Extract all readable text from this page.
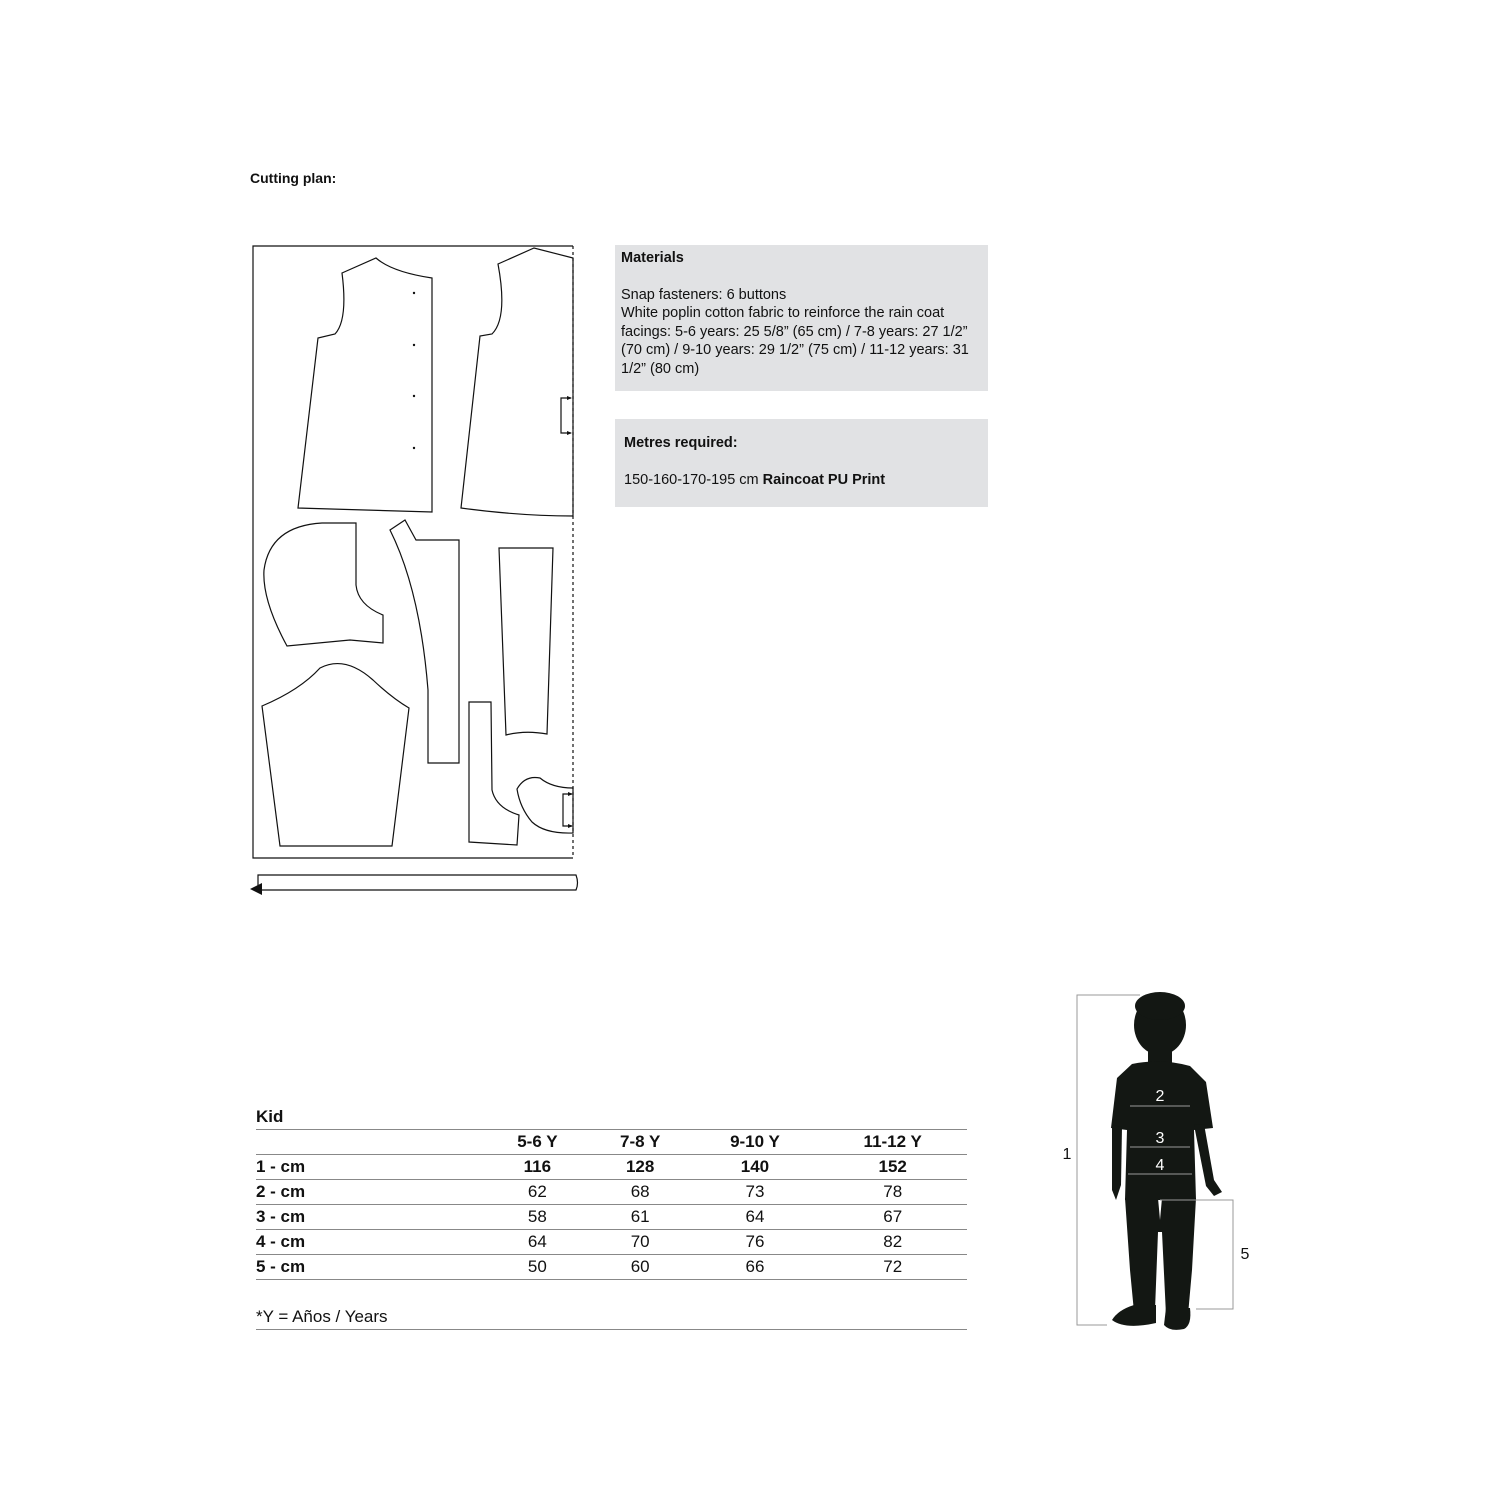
Cutting plan:
Materials
Snap fasteners: 6 buttons
White poplin cotton fabric to reinforce the rain coat facings: 5-6 years: 25 5/8” (65 cm) / 7-8 years: 27 1/2” (70 cm) / 9-10 years: 29 1/2” (75 cm) / 11-12 years: 31 1/2” (80 cm)
Metres required:
150-160-170-195 cm Raincoat PU Print
Kid
	5-6 Y	7-8 Y	9-10 Y	11-12 Y
1 - cm	116	128	140	152
2 - cm	62	68	73	78
3 - cm	58	61	64	67
4 - cm	64	70	76	82
5 - cm	50	60	66	72
*Y = Años / Years
1
2
3
4
5
